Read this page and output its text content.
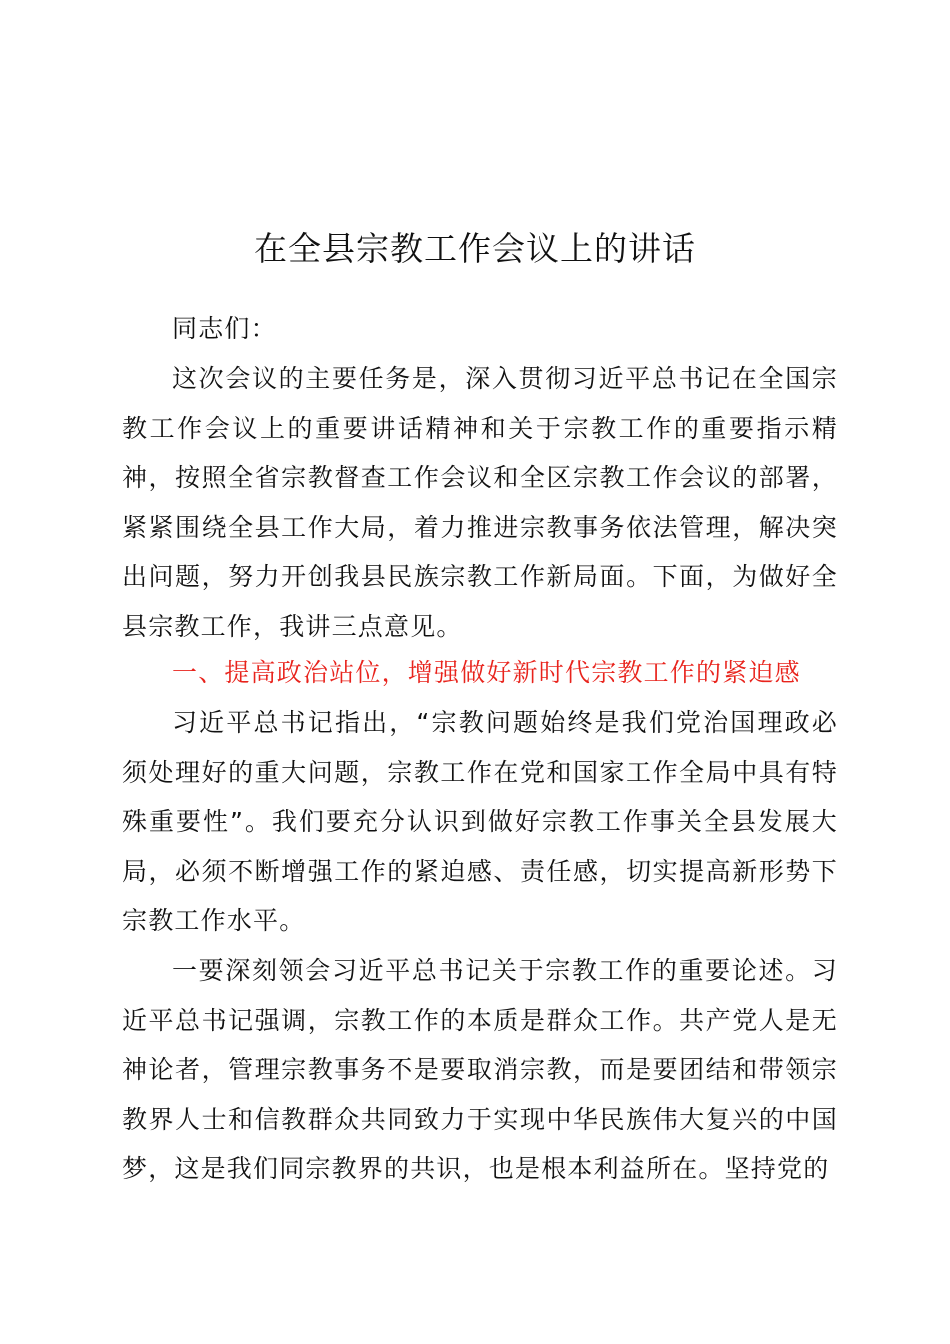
在全县宗教工作会议上的讲话

同志们：

这次会议的主要任务是，深入贯彻习近平总书记在全国宗教工作会议上的重要讲话精神和关于宗教工作的重要指示精神，按照全省宗教督查工作会议和全区宗教工作会议的部署，紧紧围绕全县工作大局，着力推进宗教事务依法管理，解决突出问题，努力开创我县民族宗教工作新局面。下面，为做好全县宗教工作，我讲三点意见。

一、提高政治站位，增强做好新时代宗教工作的紧迫感

习近平总书记指出，“宗教问题始终是我们党治国理政必须处理好的重大问题，宗教工作在党和国家工作全局中具有特殊重要性”。我们要充分认识到做好宗教工作事关全县发展大局，必须不断增强工作的紧迫感、责任感，切实提高新形势下宗教工作水平。

一要深刻领会习近平总书记关于宗教工作的重要论述。习近平总书记强调，宗教工作的本质是群众工作。共产党人是无神论者，管理宗教事务不是要取消宗教，而是要团结和带领宗教界人士和信教群众共同致力于实现中华民族伟大复兴的中国梦，这是我们同宗教界的共识，也是根本利益所在。坚持党的
